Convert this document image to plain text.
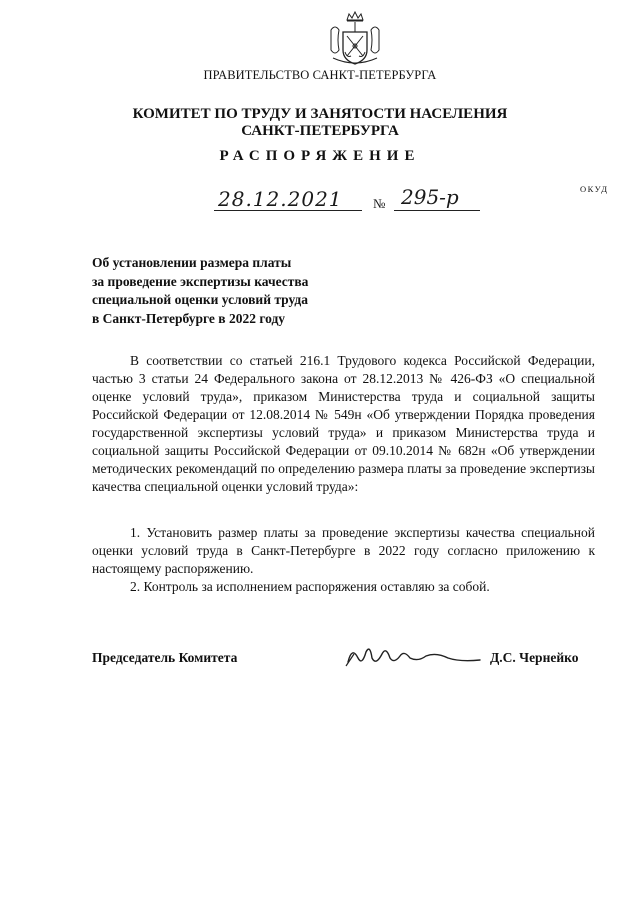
ПРАВИТЕЛЬСТВО САНКТ-ПЕТЕРБУРГА
КОМИТЕТ ПО ТРУДУ И ЗАНЯТОСТИ НАСЕЛЕНИЯ
САНКТ-ПЕТЕРБУРГА
РАСПОРЯЖЕНИЕ
ОКУД
28.12.2021	№ 295-р
Об установлении размера платы
за проведение экспертизы качества
специальной оценки условий труда
в Санкт-Петербурге в 2022 году
В соответствии со статьей 216.1 Трудового кодекса Российской Федерации, частью 3 статьи 24 Федерального закона от 28.12.2013 № 426-ФЗ «О специальной оценке условий труда», приказом Министерства труда и социальной защиты Российской Федерации от 12.08.2014 № 549н «Об утверждении Порядка проведения государственной экспертизы условий труда» и приказом Министерства труда и социальной защиты Российской Федерации от 09.10.2014 № 682н «Об утверждении методических рекомендаций по определению размера платы за проведение экспертизы качества специальной оценки условий труда»:
1. Установить размер платы за проведение экспертизы качества специальной оценки условий труда в Санкт-Петербурге в 2022 году согласно приложению к настоящему распоряжению.
2. Контроль за исполнением распоряжения оставляю за собой.
Председатель Комитета	Д.С. Чернейко
